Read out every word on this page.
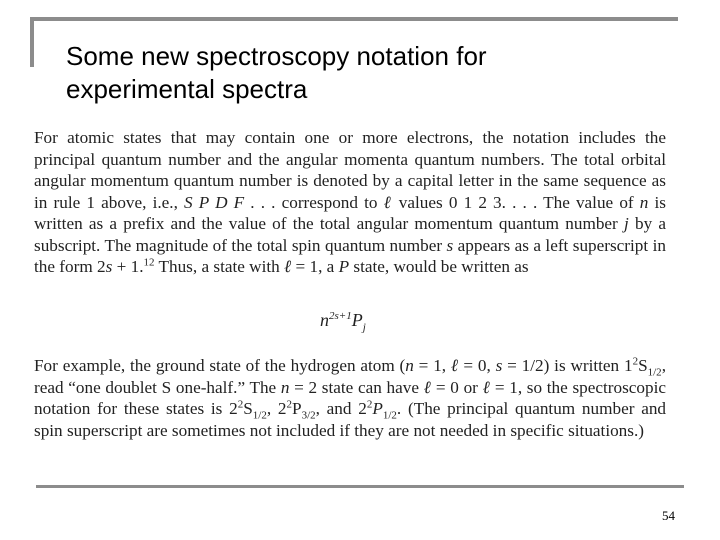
Some new spectroscopy notation for
experimental spectra
For atomic states that may contain one or more electrons, the notation includes the principal quantum number and the angular momenta quantum numbers. The total orbital angular momentum quantum number is denoted by a capital letter in the same sequence as in rule 1 above, i.e., S P D F . . . correspond to ℓ values 0 1 2 3. . . . The value of n is written as a prefix and the value of the total angular momentum quantum number j by a subscript. The magnitude of the total spin quantum number s appears as a left superscript in the form 2s + 1.12 Thus, a state with ℓ = 1, a P state, would be written as
$n^{2s+1}P_j$
For example, the ground state of the hydrogen atom (n = 1, ℓ = 0, s = 1/2) is written $1^2S_{1/2}$, read “one doublet S one-half.” The n = 2 state can have ℓ = 0 or ℓ = 1, so the spectroscopic notation for these states is $2^2S_{1/2}$, $2^2P_{3/2}$, and $2^2P_{1/2}$. (The principal quantum number and spin superscript are sometimes not included if they are not needed in specific situations.)
54
